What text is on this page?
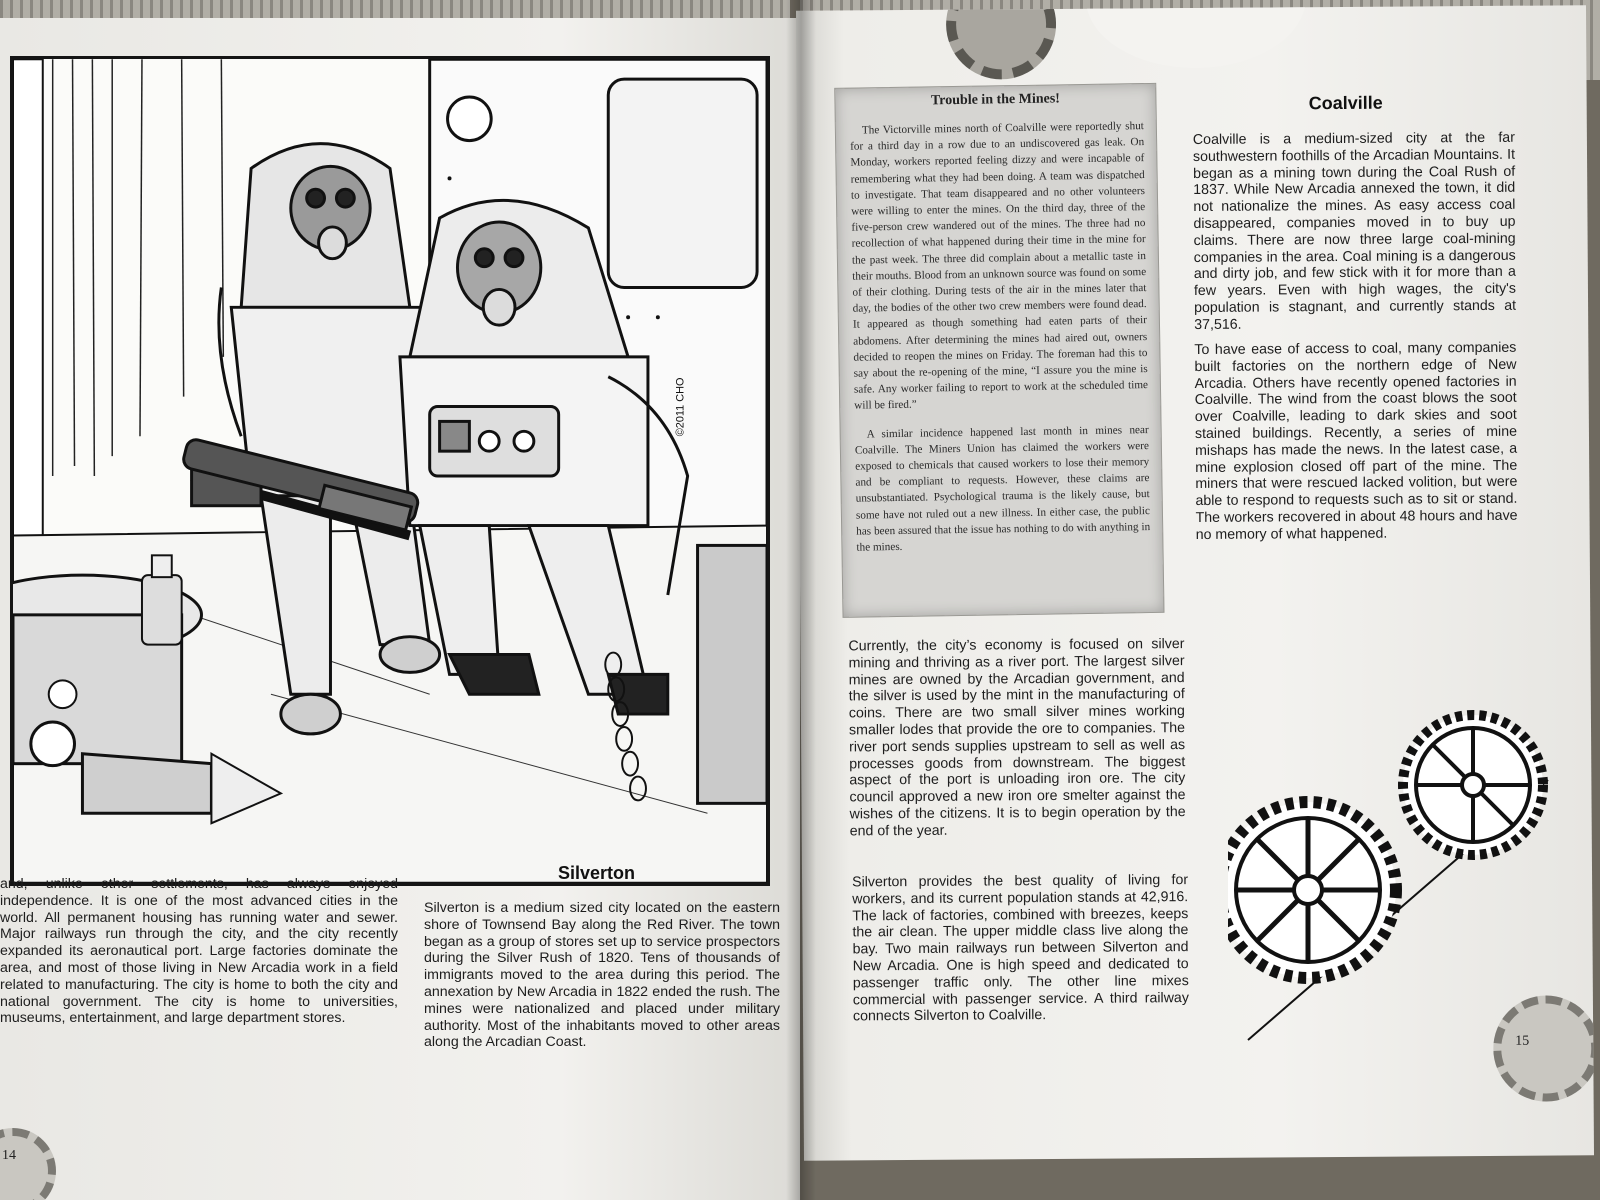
©2011 CHO
and, unlike other settlements, has always enjoyed independence. It is one of the most advanced cities in the world. All permanent housing has running water and sewer. Major railways run through the city, and the city recently expanded its aeronautical port. Large factories dominate the area, and most of those living in New Arcadia work in a field related to manufacturing. The city is home to both the city and national government. The city is home to universities, museums, entertainment, and large department stores.
Silverton
Silverton is a medium sized city located on the eastern shore of Townsend Bay along the Red River. The town began as a group of stores set up to service prospectors during the Silver Rush of 1820. Tens of thousands of immigrants moved to the area during this period. The annexation by New Arcadia in 1822 ended the rush. The mines were nationalized and placed under military authority. Most of the inhabitants moved to other areas along the Arcadian Coast.
14
Trouble in the Mines!

The Victorville mines north of Coalville were reportedly shut for a third day in a row due to an undiscovered gas leak. On Monday, workers reported feeling dizzy and were incapable of remembering what they had been doing. A team was dispatched to investigate. That team disappeared and no other volunteers were willing to enter the mines. On the third day, three of the five-person crew wandered out of the mines. The three had no recollection of what happened during their time in the mine for the past week. The three did complain about a metallic taste in their mouths. Blood from an unknown source was found on some of their clothing. During tests of the air in the mines later that day, the bodies of the other two crew members were found dead. It appeared as though something had eaten parts of their abdomens. After determining the mines had aired out, owners decided to reopen the mines on Friday. The foreman had this to say about the re-opening of the mine, “I assure you the mine is safe. Any worker failing to report to work at the scheduled time will be fired.”

A similar incidence happened last month in mines near Coalville. The Miners Union has claimed the workers were exposed to chemicals that caused workers to lose their memory and be compliant to requests. However, these claims are unsubstantiated. Psychological trauma is the likely cause, but some have not ruled out a new illness. In either case, the public has been assured that the issue has nothing to do with anything in the mines.

Coalville
Coalville is a medium-sized city at the far southwestern foothills of the Arcadian Mountains. It began as a mining town during the Coal Rush of 1837. While New Arcadia annexed the town, it did not nationalize the mines. As easy access coal disappeared, companies moved in to buy up claims. There are now three large coal-mining companies in the area. Coal mining is a dangerous and dirty job, and few stick with it for more than a few years. Even with high wages, the city's population is stagnant, and currently stands at 37,516.
To have ease of access to coal, many companies built factories on the northern edge of New Arcadia. Others have recently opened factories in Coalville. The wind from the coast blows the soot over Coalville, leading to dark skies and soot stained buildings. Recently, a series of mine mishaps has made the news. In the latest case, a mine explosion closed off part of the mine. The miners that were rescued lacked volition, but were able to respond to requests such as to sit or stand. The workers recovered in about 48 hours and have no memory of what happened.
Currently, the city’s economy is focused on silver mining and thriving as a river port. The largest silver mines are owned by the Arcadian government, and the silver is used by the mint in the manufacturing of coins. There are two small silver mines working smaller lodes that provide the ore to companies. The river port sends supplies upstream to sell as well as processes goods from downstream. The biggest aspect of the port is unloading iron ore. The city council approved a new iron ore smelter against the wishes of the citizens. It is to begin operation by the end of the year.
Silverton provides the best quality of living for workers, and its current population stands at 42,916. The lack of factories, combined with breezes, keeps the air clean. The upper middle class live along the bay. Two main railways run between Silverton and New Arcadia. One is high speed and dedicated to passenger traffic only. The other line mixes commercial with passenger service. A third railway connects Silverton to Coalville.
15
